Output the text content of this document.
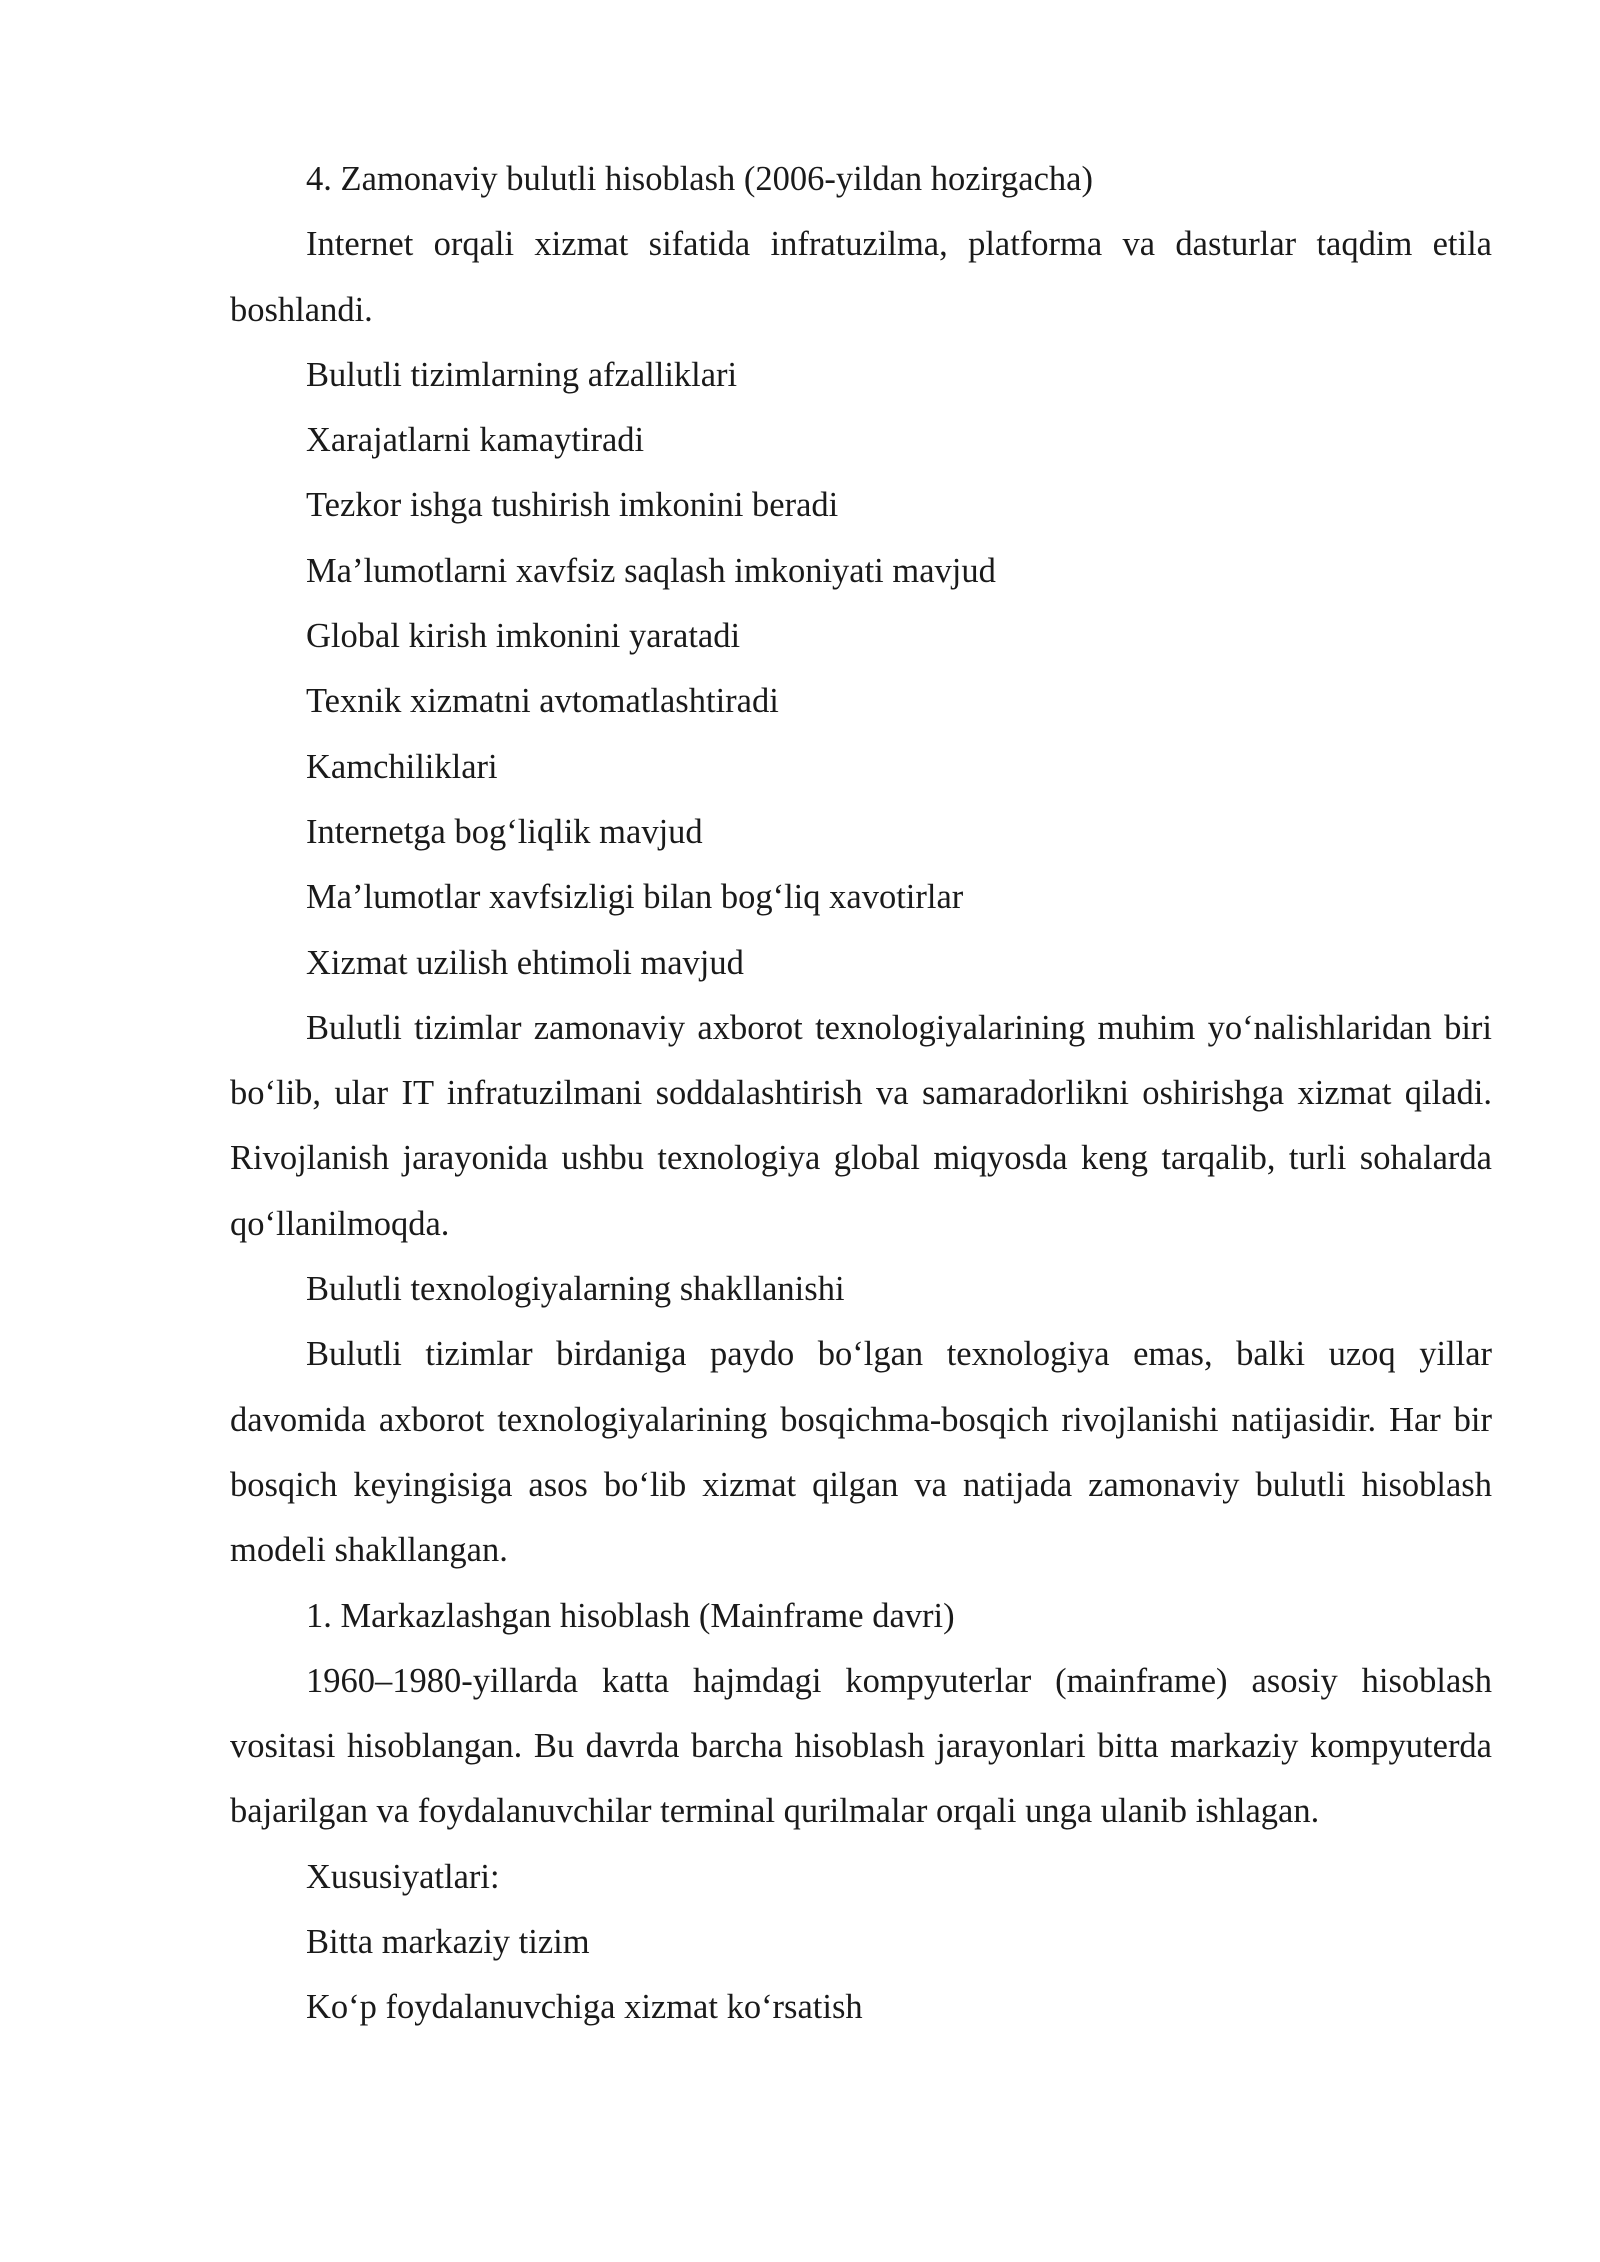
4. Zamonaviy bulutli hisoblash (2006-yildan hozirgacha)

Internet orqali xizmat sifatida infratuzilma, platforma va dasturlar taqdim etila boshlandi.

Bulutli tizimlarning afzalliklari

Xarajatlarni kamaytiradi

Tezkor ishga tushirish imkonini beradi

Ma’lumotlarni xavfsiz saqlash imkoniyati mavjud

Global kirish imkonini yaratadi

Texnik xizmatni avtomatlashtiradi

Kamchiliklari

Internetga bog‘liqlik mavjud

Ma’lumotlar xavfsizligi bilan bog‘liq xavotirlar

Xizmat uzilish ehtimoli mavjud

Bulutli tizimlar zamonaviy axborot texnologiyalarining muhim yo‘nalishlaridan biri bo‘lib, ular IT infratuzilmani soddalashtirish va samaradorlikni oshirishga xizmat qiladi. Rivojlanish jarayonida ushbu texnologiya global miqyosda keng tarqalib, turli sohalarda qo‘llanilmoqda.

Bulutli texnologiyalarning shakllanishi

Bulutli tizimlar birdaniga paydo bo‘lgan texnologiya emas, balki uzoq yillar davomida axborot texnologiyalarining bosqichma-bosqich rivojlanishi natijasidir. Har bir bosqich keyingisiga asos bo‘lib xizmat qilgan va natijada zamonaviy bulutli hisoblash modeli shakllangan.

1. Markazlashgan hisoblash (Mainframe davri)

1960–1980-yillarda katta hajmdagi kompyuterlar (mainframe) asosiy hisoblash vositasi hisoblangan. Bu davrda barcha hisoblash jarayonlari bitta markaziy kompyuterda bajarilgan va foydalanuvchilar terminal qurilmalar orqali unga ulanib ishlagan.

Xususiyatlari:

Bitta markaziy tizim

Ko‘p foydalanuvchiga xizmat ko‘rsatish
